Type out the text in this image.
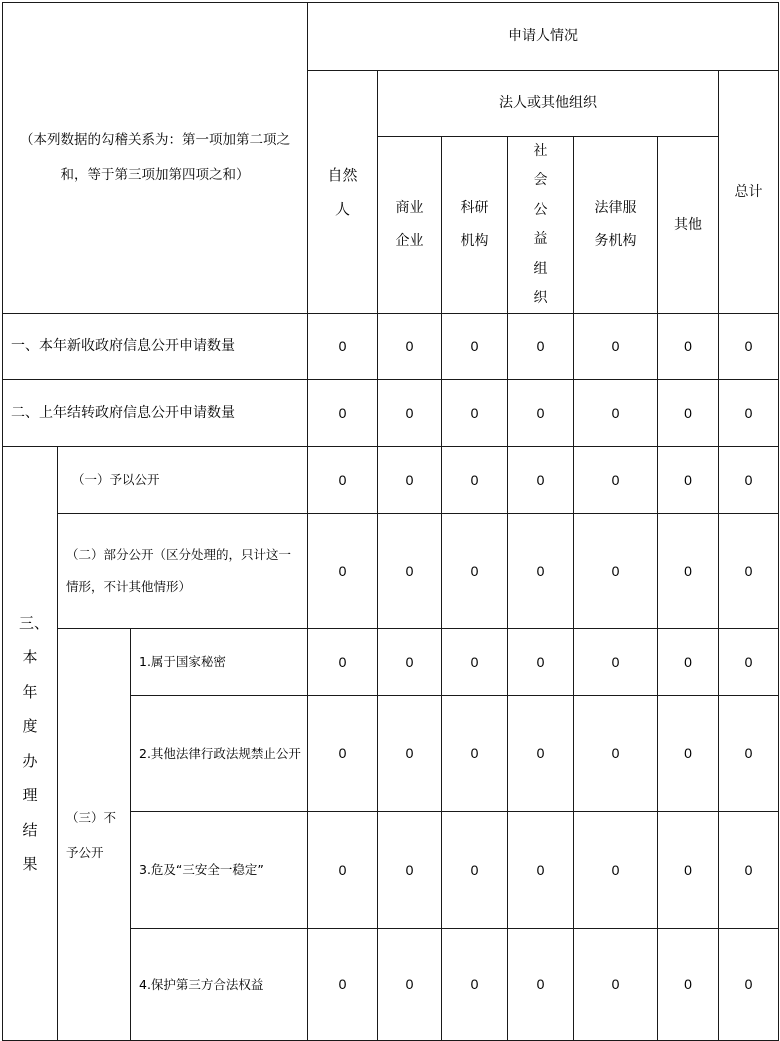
（本列数据的勾稽关系为：第一项加第二项之和，等于第三项加第四项之和）			申请人情况						
			自然人	法人或其他组织					总计
				商业企业	科研机构	社会公益组织	法律服务机构	其他	
一、本年新收政府信息公开申请数量			0	0	0	0	0	0	0
二、上年结转政府信息公开申请数量			0	0	0	0	0	0	0
三、本年度办理结果	（一）予以公开		0	0	0	0	0	0	0
	（二）部分公开（区分处理的，只计这一情形，不计其他情形）		0	0	0	0	0	0	0
	（三）不予公开	1.属于国家秘密	0	0	0	0	0	0	0
		2.其他法律行政法规禁止公开	0	0	0	0	0	0	0
		3.危及“三安全一稳定”	0	0	0	0	0	0	0
		4.保护第三方合法权益	0	0	0	0	0	0	0
